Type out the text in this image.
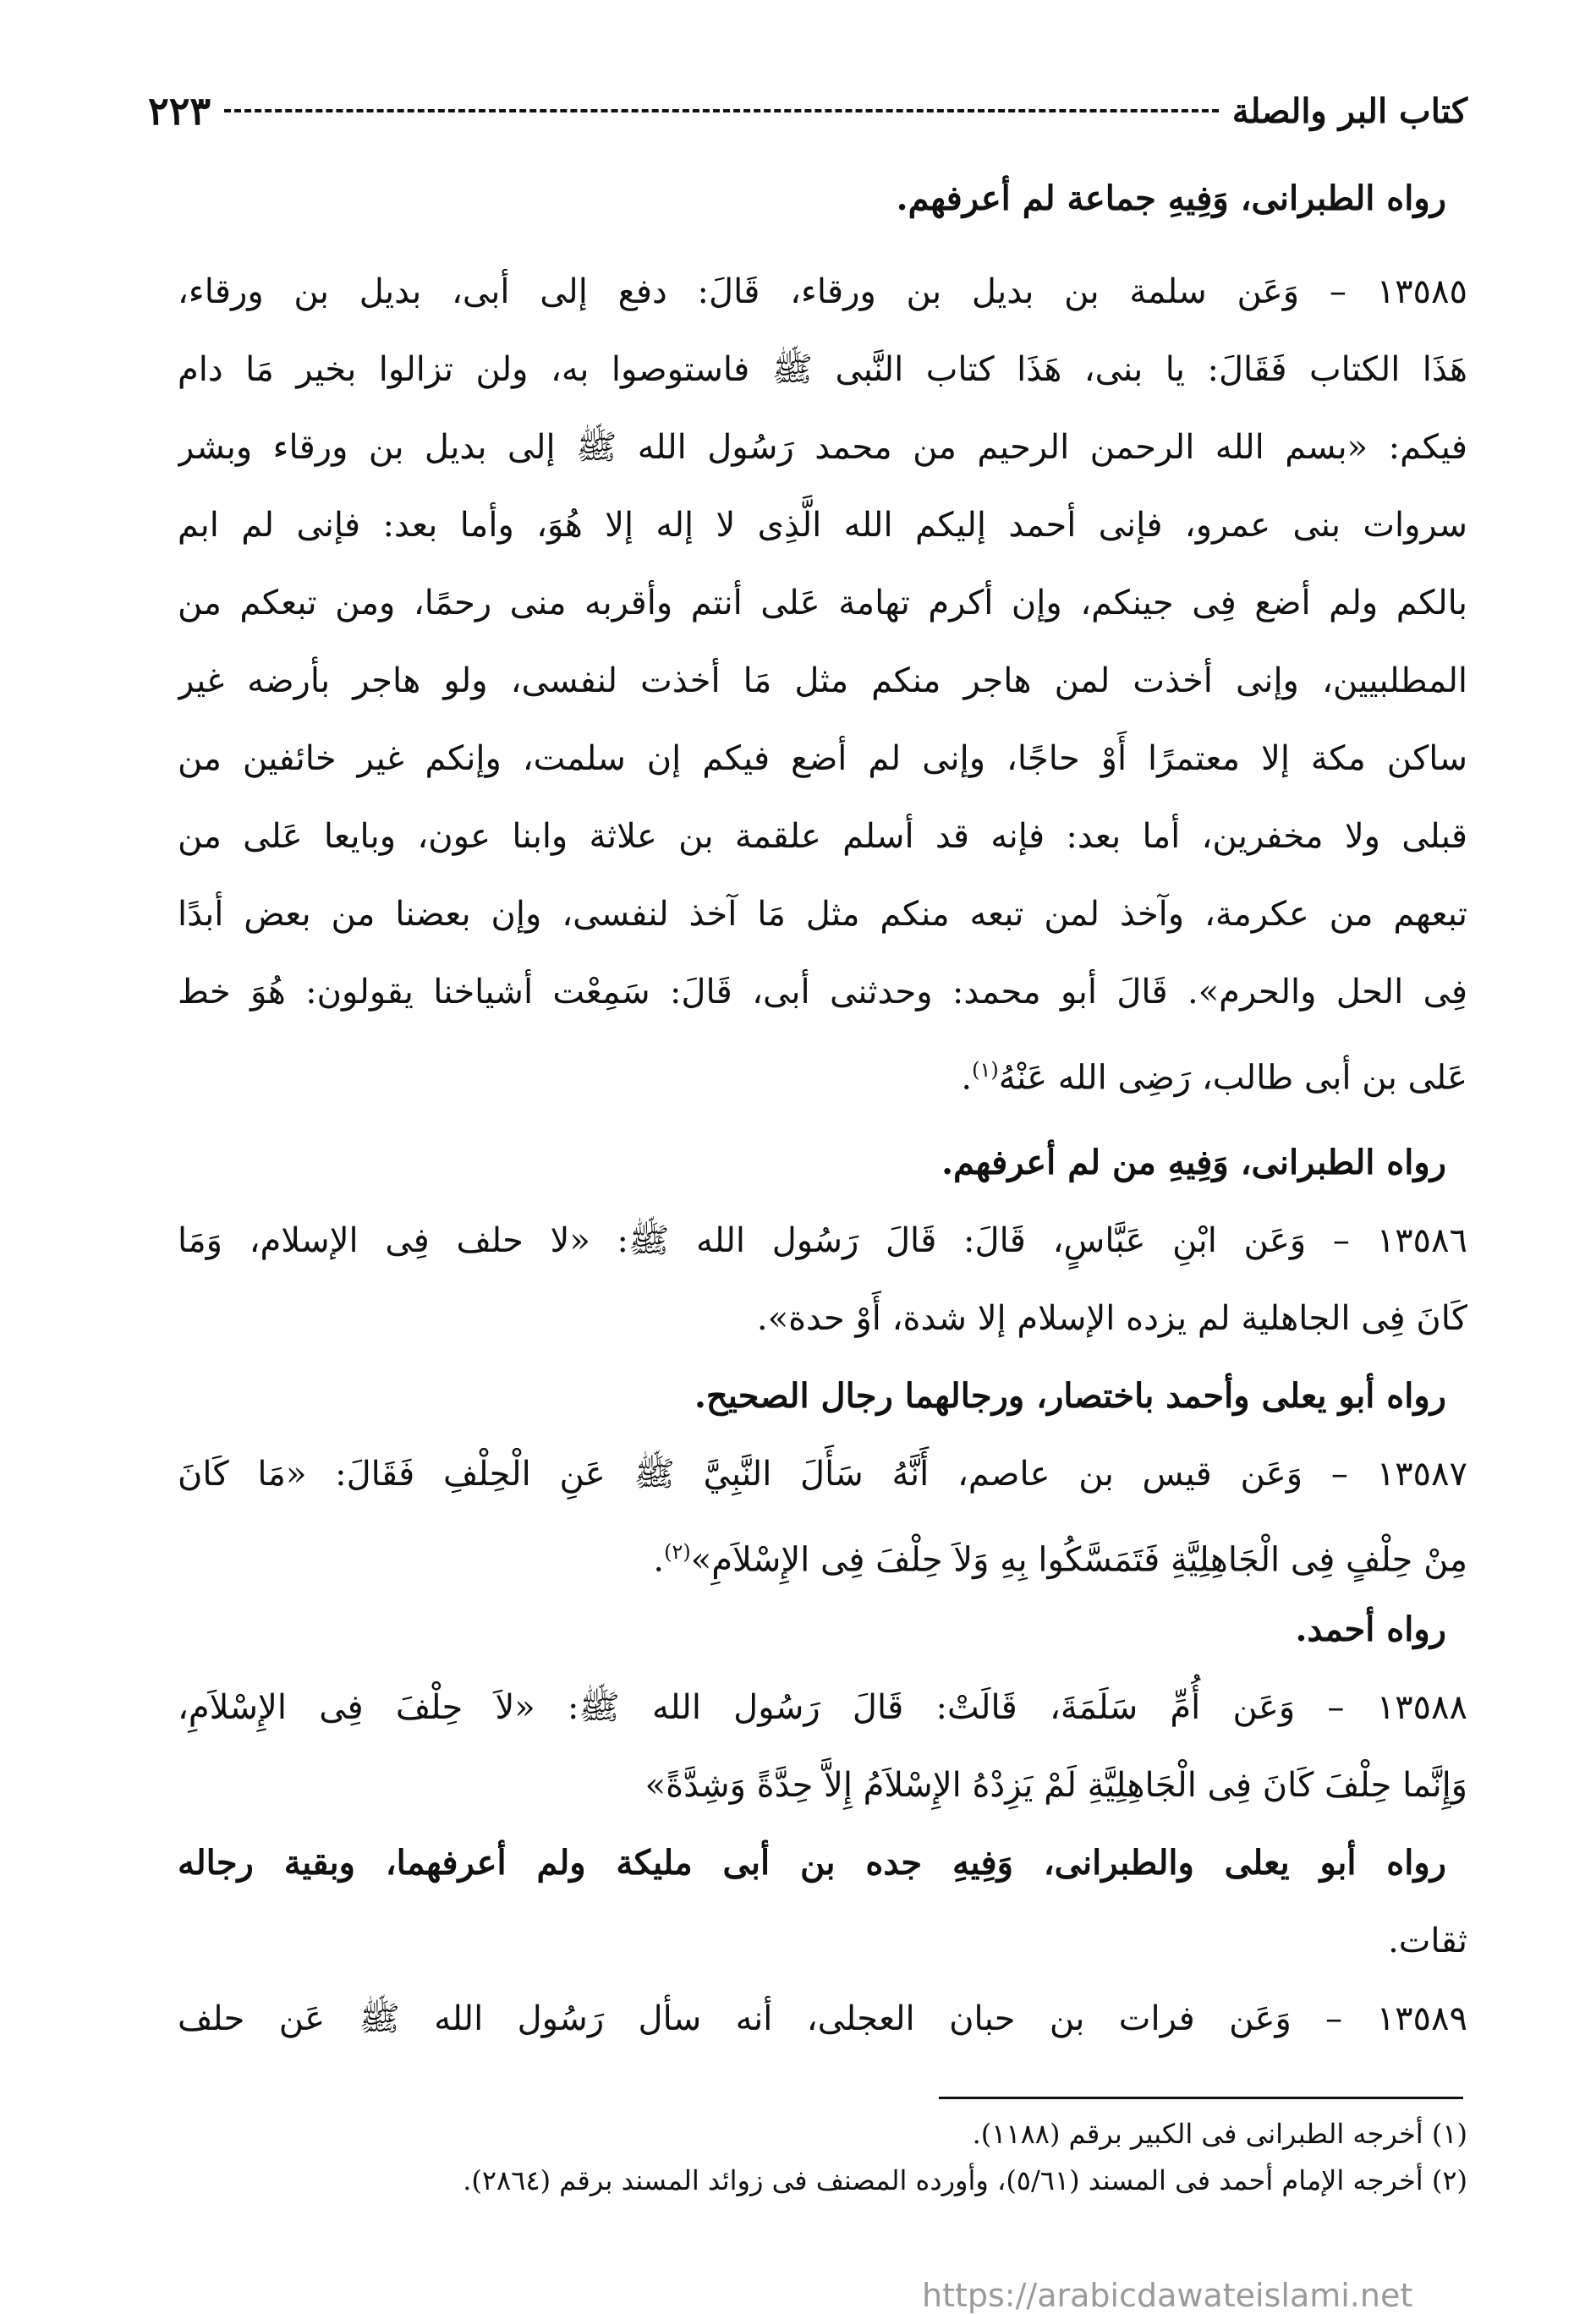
كتاب البر والصلة
٢٢٣
رواه الطبرانى، وَفِيهِ جماعة لم أعرفهم.
١٣٥٨٥ – وَعَن سلمة بن بديل بن ورقاء، قَالَ: دفع إلى أبى، بديل بن ورقاء،
هَذَا الكتاب فَقَالَ: يا بنى، هَذَا كتاب النَّبى ﷺ فاستوصوا به، ولن تزالوا بخير مَا دام
فيكم: «بسم الله الرحمن الرحيم من محمد رَسُول الله ﷺ إلى بديل بن ورقاء وبشر
سروات بنى عمرو، فإنى أحمد إليكم الله الَّذِى لا إله إلا هُوَ، وأما بعد: فإنى لم ابم
بالكم ولم أضع فِى جينكم، وإن أكرم تهامة عَلى أنتم وأقربه منى رحمًا، ومن تبعكم من
المطلبيين، وإنى أخذت لمن هاجر منكم مثل مَا أخذت لنفسى، ولو هاجر بأرضه غير
ساكن مكة إلا معتمرًا أَوْ حاجًا، وإنى لم أضع فيكم إن سلمت، وإنكم غير خائفين من
قبلى ولا مخفرين، أما بعد: فإنه قد أسلم علقمة بن علاثة وابنا عون، وبايعا عَلى من
تبعهم من عكرمة، وآخذ لمن تبعه منكم مثل مَا آخذ لنفسى، وإن بعضنا من بعض أبدًا
فِى الحل والحرم». قَالَ أبو محمد: وحدثنى أبى، قَالَ: سَمِعْت أشياخنا يقولون: هُوَ خط
عَلى بن أبى طالب، رَضِى الله عَنْهُ$^{(١)}$.
رواه الطبرانى، وَفِيهِ من لم أعرفهم.
١٣٥٨٦ – وَعَن ابْنِ عَبَّاسٍ، قَالَ: قَالَ رَسُول الله ﷺ: «لا حلف فِى الإسلام، وَمَا
كَانَ فِى الجاهلية لم يزده الإسلام إلا شدة، أَوْ حدة».
رواه أبو يعلى وأحمد باختصار، ورجالهما رجال الصحيح.
١٣٥٨٧ – وَعَن قيس بن عاصم، أَنَّهُ سَأَلَ النَّبِيَّ ﷺ عَنِ الْحِلْفِ فَقَالَ: «مَا كَانَ
مِنْ حِلْفٍ فِى الْجَاهِلِيَّةِ فَتَمَسَّكُوا بِهِ وَلاَ حِلْفَ فِى الإِسْلاَمِ»$^{(٢)}$.
رواه أحمد.
١٣٥٨٨ – وَعَن أُمِّ سَلَمَةَ، قَالَتْ: قَالَ رَسُول الله ﷺ: «لاَ حِلْفَ فِى الإِسْلاَمِ،
وَإِنَّما حِلْفَ كَانَ فِى الْجَاهِلِيَّةِ لَمْ يَزِدْهُ الإِسْلاَمُ إِلاَّ حِدَّةً وَشِدَّةً»
رواه أبو يعلى والطبرانى، وَفِيهِ جده بن أبى مليكة ولم أعرفهما، وبقية رجاله
ثقات.
١٣٥٨٩ – وَعَن فرات بن حبان العجلى، أنه سأل رَسُول الله ﷺ عَن حلف
(١) أخرجه الطبرانى فى الكبير برقم (١١٨٨).
(٢) أخرجه الإمام أحمد فى المسند (٥/٦١)، وأورده المصنف فى زوائد المسند برقم (٢٨٦٤).
https://arabicdawateislami.net
